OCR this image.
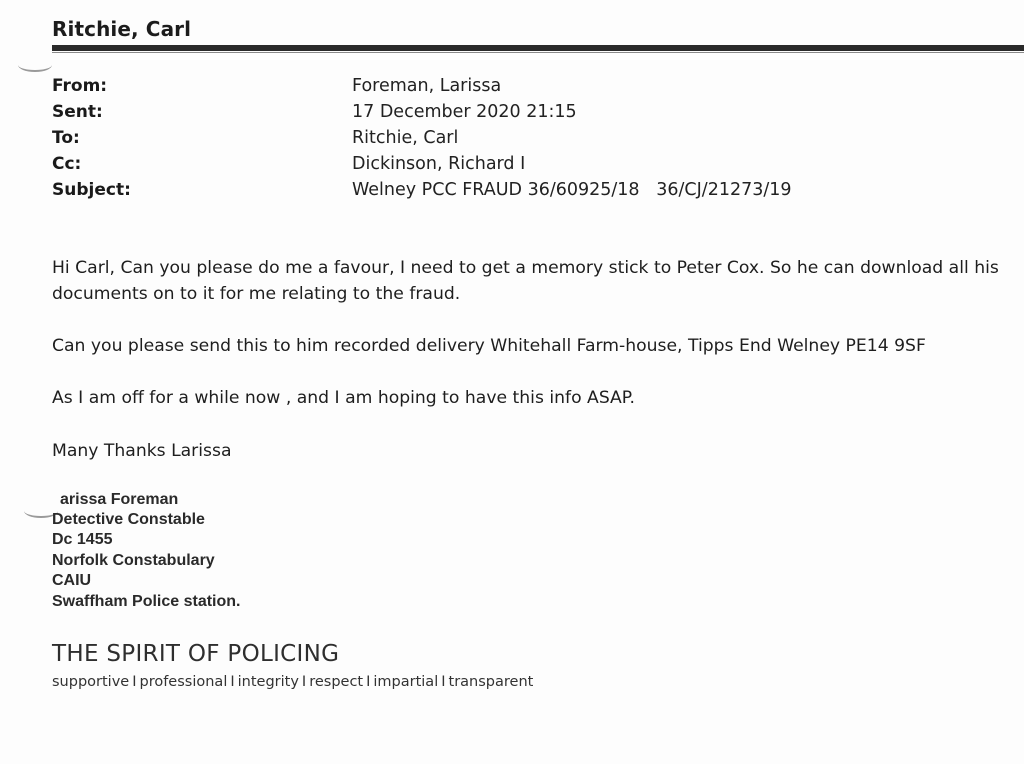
Ritchie, Carl
From:	Foreman, Larissa
Sent:	17 December 2020 21:15
To:	Ritchie, Carl
Cc:	Dickinson, Richard I
Subject:	Welney PCC FRAUD 36/60925/18   36/CJ/21273/19
Hi Carl, Can you please do me a favour, I need to get a memory stick to Peter Cox. So he can download all his
documents on to it for me relating to the fraud.
Can you please send this to him recorded delivery Whitehall Farm-house, Tipps End Welney PE14 9SF
As I am off for a while now , and I am hoping to have this info ASAP.
Many Thanks Larissa
arissa Foreman
Detective Constable
Dc 1455
Norfolk Constabulary
CAIU
Swaffham Police station.
THE SPIRIT OF POLICING
supportive I professional I integrity I respect I impartial I transparent
